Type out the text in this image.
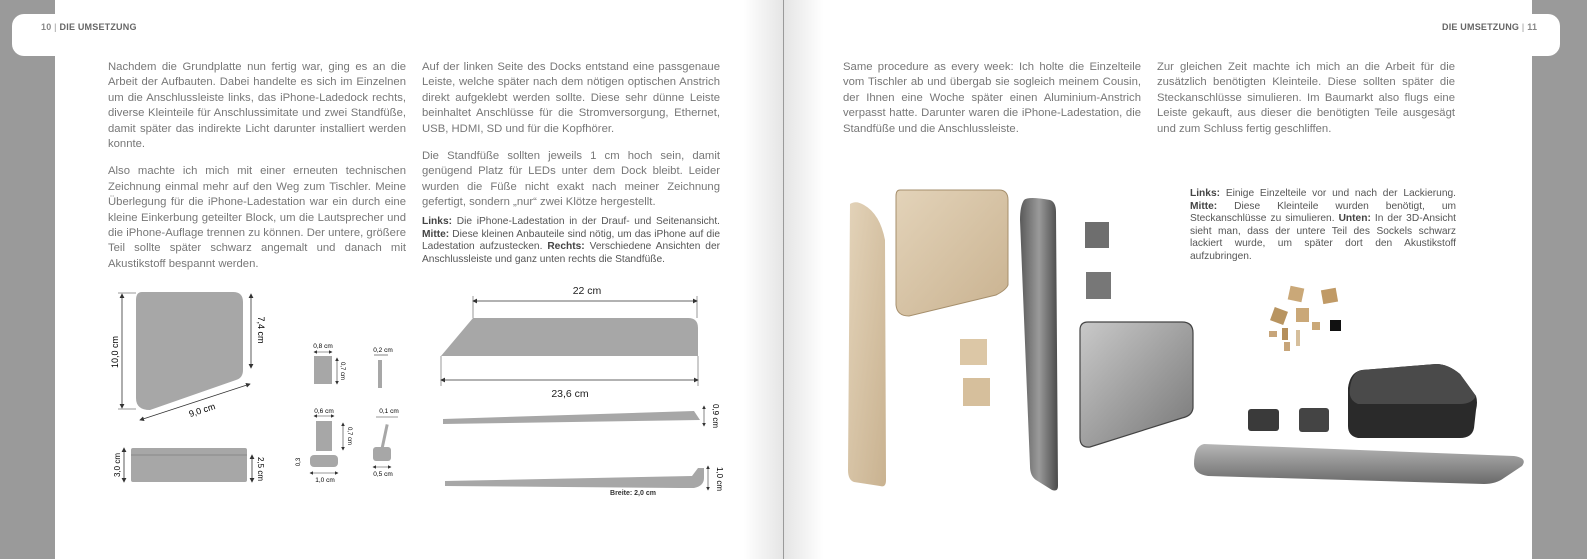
10 | DIE UMSETZUNG

Nachdem die Grundplatte nun fertig war, ging es an die Arbeit der Aufbauten. Dabei handelte es sich im Einzelnen um die Anschlussleiste links, das iPhone-Ladedock rechts, diverse Kleinteile für Anschlussimitate und zwei Standfüße, damit später das indirekte Licht darunter installiert werden konnte.

Also machte ich mich mit einer erneuten technischen Zeichnung einmal mehr auf den Weg zum Tischler. Meine Überlegung für die iPhone-Ladestation war ein durch eine kleine Einkerbung geteilter Block, um die Lautsprecher und die iPhone-Auflage trennen zu können. Der untere, größere Teil sollte später schwarz angemalt und danach mit Akustikstoff bespannt werden.

Auf der linken Seite des Docks entstand eine passgenaue Leiste, welche später nach dem nötigen optischen Anstrich direkt aufgeklebt werden sollte. Diese sehr dünne Leiste beinhaltet Anschlüsse für die Stromversorgung, Ethernet, USB, HDMI, SD und für die Kopfhörer.

Die Standfüße sollten jeweils 1 cm hoch sein, damit genügend Platz für LEDs unter dem Dock bleibt. Leider wurden die Füße nicht exakt nach meiner Zeichnung gefertigt, sondern „nur“ zwei Klötze hergestellt.

Links: Die iPhone-Ladestation in der Drauf- und Seitenansicht. Mitte: Diese kleinen Anbauteile sind nötig, um das iPhone auf die Ladestation aufzustecken. Rechts: Verschiedene Ansichten der Anschlussleiste und ganz unten rechts die Standfüße.
10,0 cm
7,4 cm
9,0 cm
3,0 cm	2,5 cm
0,8 cm
0,7 cm
0,2 cm
0,6 cm
0,7 cm
1,0 cm
0,3
0,1 cm
0,5 cm
22 cm
23,6 cm
0,9 cm
1,0 cm
Breite: 2,0 cm
DIE UMSETZUNG | 11

Same procedure as every week: Ich holte die Einzelteile vom Tischler ab und übergab sie sogleich meinem Cousin, der Ihnen eine Woche später einen Aluminium-Anstrich verpasst hatte. Darunter waren die iPhone-Ladestation, die Standfüße und die Anschlussleiste.

Zur gleichen Zeit machte ich mich an die Arbeit für die zusätzlich benötigten Kleinteile. Diese sollten später die Steckanschlüsse simulieren. Im Baumarkt also flugs eine Leiste gekauft, aus dieser die benötigten Teile ausgesägt und zum Schluss fertig geschliffen.

Links: Einige Einzelteile vor und nach der Lackierung. Mitte: Diese Kleinteile wurden benötigt, um Steckanschlüsse zu simulieren. Unten: In der 3D-Ansicht sieht man, dass der untere Teil des Sockels schwarz lackiert wurde, um später dort den Akustikstoff aufzubringen.
